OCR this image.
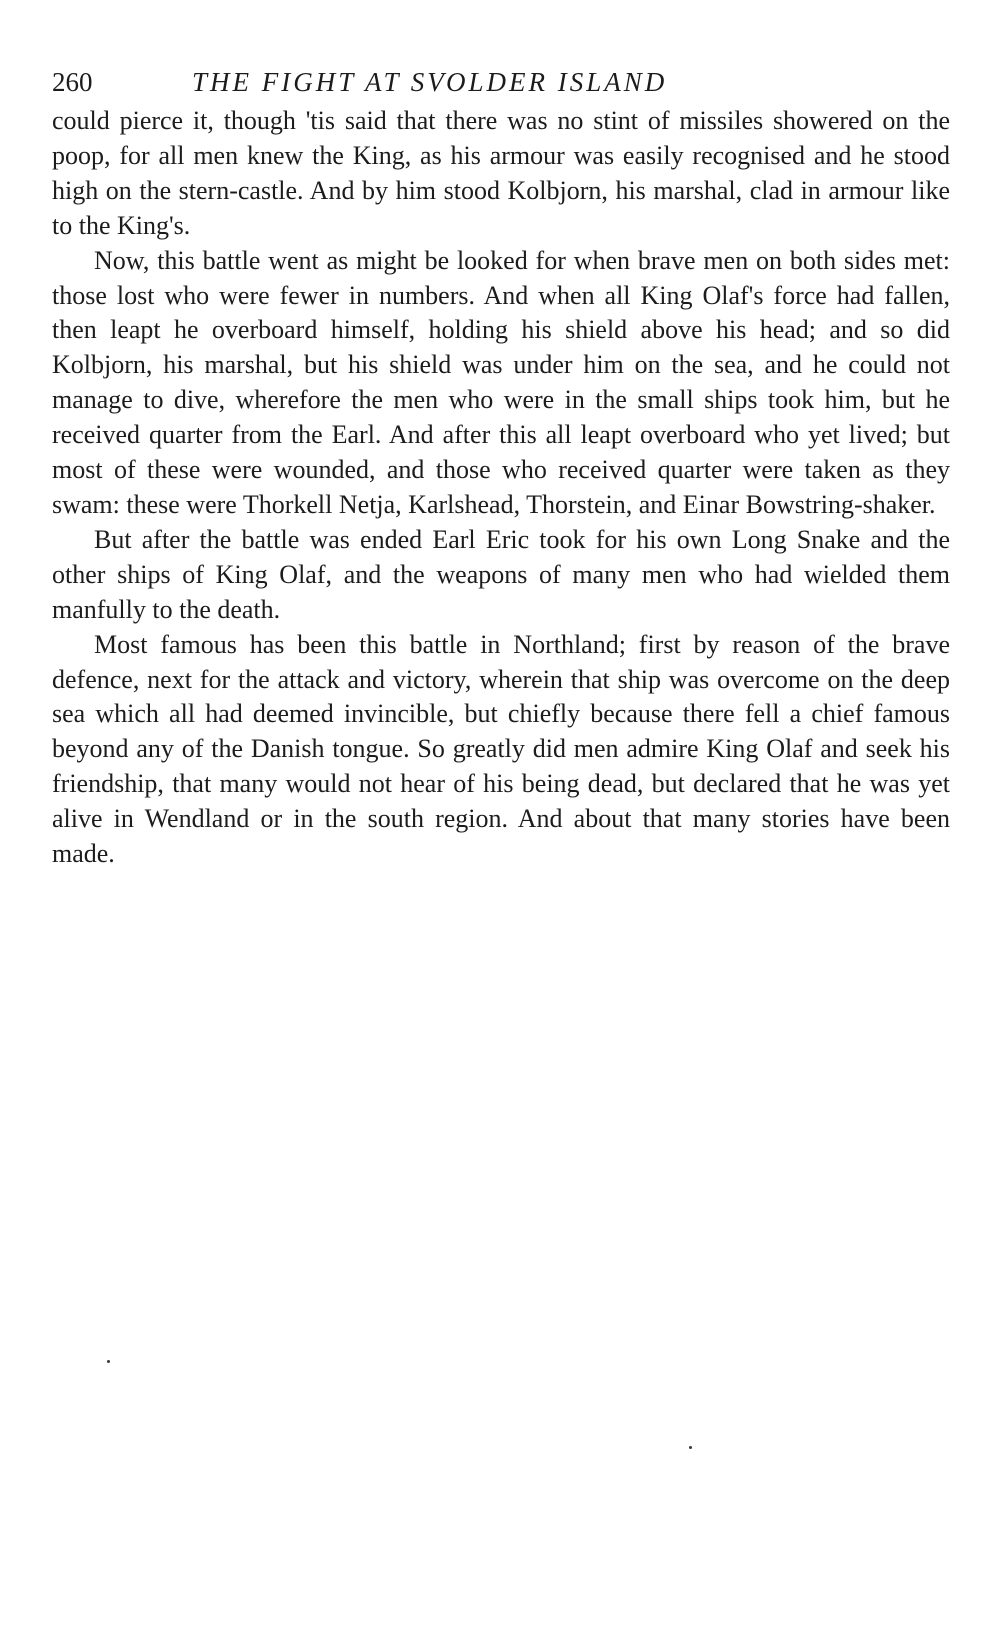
260	THE FIGHT AT SVOLDER ISLAND

could pierce it, though 'tis said that there was no stint of missiles showered on the poop, for all men knew the King, as his armour was easily recognised and he stood high on the stern-castle. And by him stood Kolbjorn, his marshal, clad in armour like to the King's.

Now, this battle went as might be looked for when brave men on both sides met: those lost who were fewer in numbers. And when all King Olaf's force had fallen, then leapt he overboard himself, holding his shield above his head; and so did Kolbjorn, his marshal, but his shield was under him on the sea, and he could not manage to dive, wherefore the men who were in the small ships took him, but he received quarter from the Earl. And after this all leapt overboard who yet lived; but most of these were wounded, and those who received quarter were taken as they swam: these were Thorkell Netja, Karlshead, Thorstein, and Einar Bowstring-shaker.

But after the battle was ended Earl Eric took for his own Long Snake and the other ships of King Olaf, and the weapons of many men who had wielded them manfully to the death.

Most famous has been this battle in Northland; first by reason of the brave defence, next for the attack and victory, wherein that ship was overcome on the deep sea which all had deemed invincible, but chiefly because there fell a chief famous beyond any of the Danish tongue. So greatly did men admire King Olaf and seek his friendship, that many would not hear of his being dead, but declared that he was yet alive in Wendland or in the south region. And about that many stories have been made.
